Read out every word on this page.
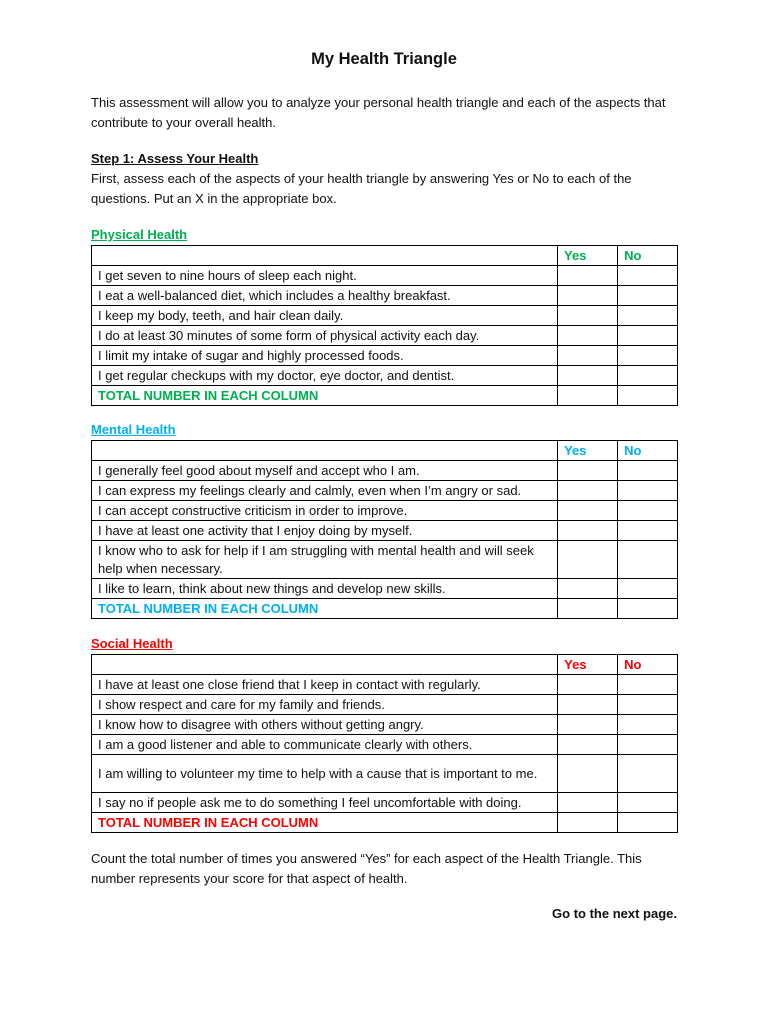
My Health Triangle

This assessment will allow you to analyze your personal health triangle and each of the aspects that contribute to your overall health.

Step 1: Assess Your Health

First, assess each of the aspects of your health triangle by answering Yes or No to each of the questions. Put an X in the appropriate box.

Physical Health
	Yes	No
I get seven to nine hours of sleep each night.		
I eat a well-balanced diet, which includes a healthy breakfast.		
I keep my body, teeth, and hair clean daily.		
I do at least 30 minutes of some form of physical activity each day.		
I limit my intake of sugar and highly processed foods.		
I get regular checkups with my doctor, eye doctor, and dentist.		
TOTAL NUMBER IN EACH COLUMN		
Mental Health
	Yes	No
I generally feel good about myself and accept who I am.		
I can express my feelings clearly and calmly, even when I’m angry or sad.		
I can accept constructive criticism in order to improve.		
I have at least one activity that I enjoy doing by myself.		
I know who to ask for help if I am struggling with mental health and will seek help when necessary.		
I like to learn, think about new things and develop new skills.		
TOTAL NUMBER IN EACH COLUMN		
Social Health
	Yes	No
I have at least one close friend that I keep in contact with regularly.		
I show respect and care for my family and friends.		
I know how to disagree with others without getting angry.		
I am a good listener and able to communicate clearly with others.		
I am willing to volunteer my time to help with a cause that is important to me.		
I say no if people ask me to do something I feel uncomfortable with doing.		
TOTAL NUMBER IN EACH COLUMN		

Count the total number of times you answered “Yes” for each aspect of the Health Triangle. This number represents your score for that aspect of health.

Go to the next page.
